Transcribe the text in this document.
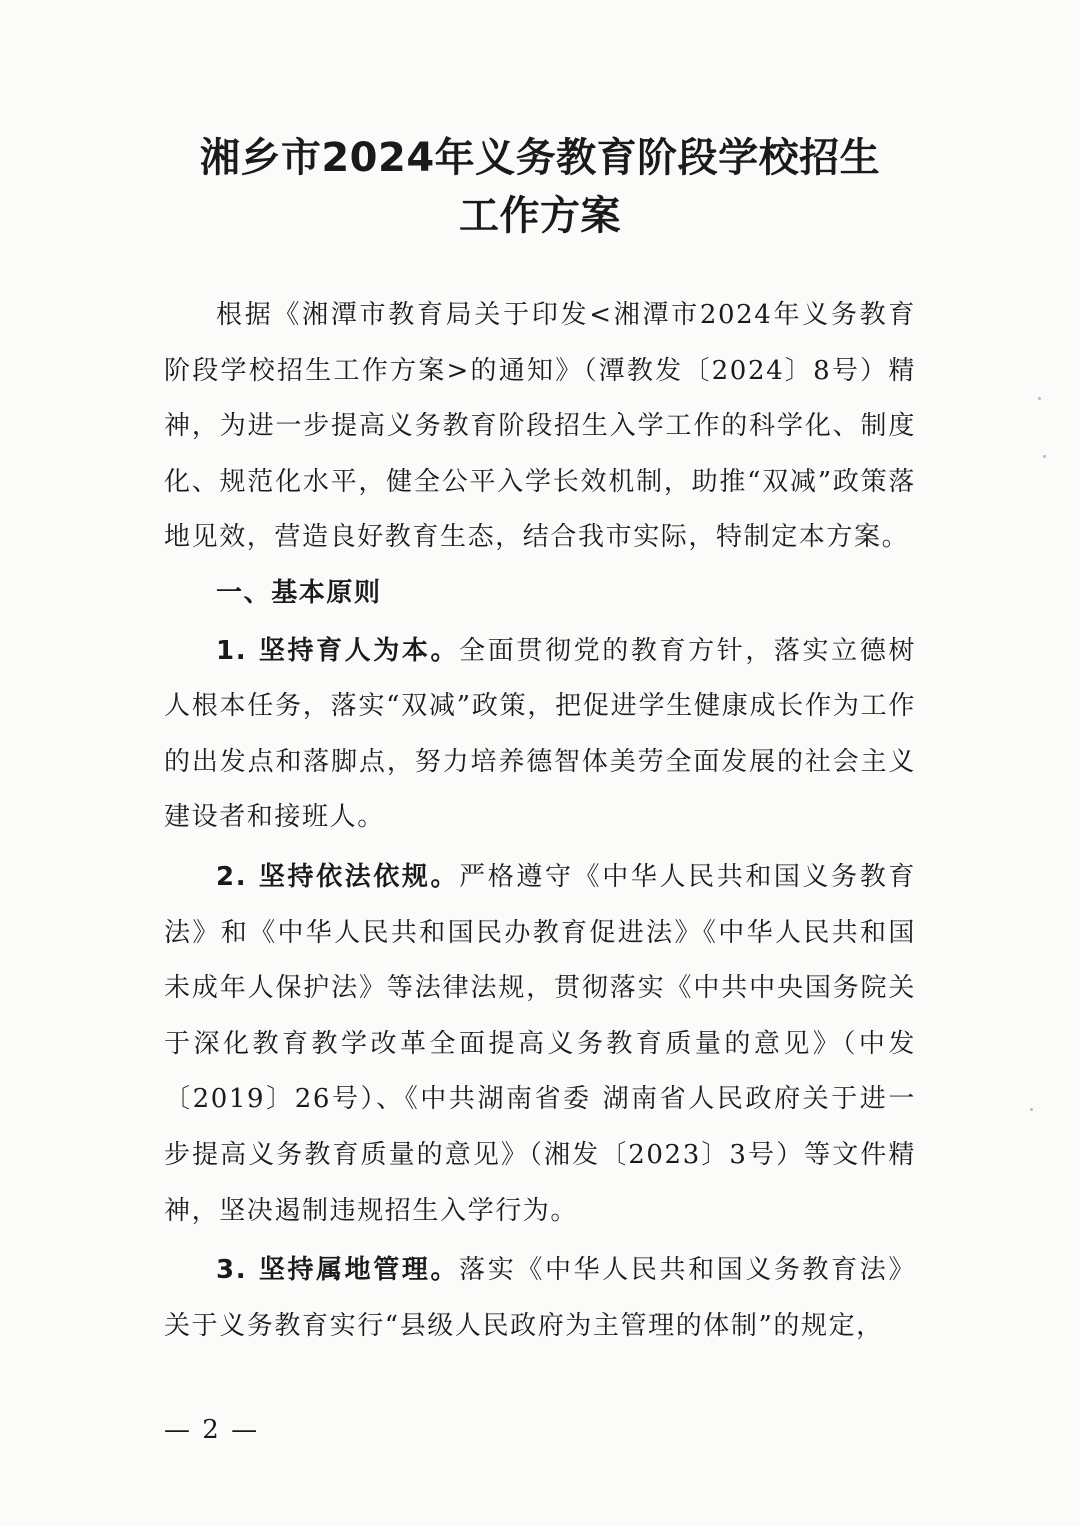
湘乡市2024年义务教育阶段学校招生
工作方案

根据《湘潭市教育局关于印发<湘潭市2024年义务教育阶段学校招生工作方案>的通知》（潭教发〔2024〕8号）精神，为进一步提高义务教育阶段招生入学工作的科学化、制度化、规范化水平，健全公平入学长效机制，助推“双减”政策落地见效，营造良好教育生态，结合我市实际，特制定本方案。

一、基本原则

1. 坚持育人为本。全面贯彻党的教育方针，落实立德树人根本任务，落实“双减”政策，把促进学生健康成长作为工作的出发点和落脚点，努力培养德智体美劳全面发展的社会主义建设者和接班人。

2. 坚持依法依规。严格遵守《中华人民共和国义务教育法》和《中华人民共和国民办教育促进法》《中华人民共和国未成年人保护法》等法律法规，贯彻落实《中共中央国务院关于深化教育教学改革全面提高义务教育质量的意见》（中发〔2019〕26号）、《中共湖南省委 湖南省人民政府关于进一步提高义务教育质量的意见》（湘发〔2023〕3号）等文件精神，坚决遏制违规招生入学行为。

3. 坚持属地管理。落实《中华人民共和国义务教育法》关于义务教育实行“县级人民政府为主管理的体制”的规定，

— 2 —
